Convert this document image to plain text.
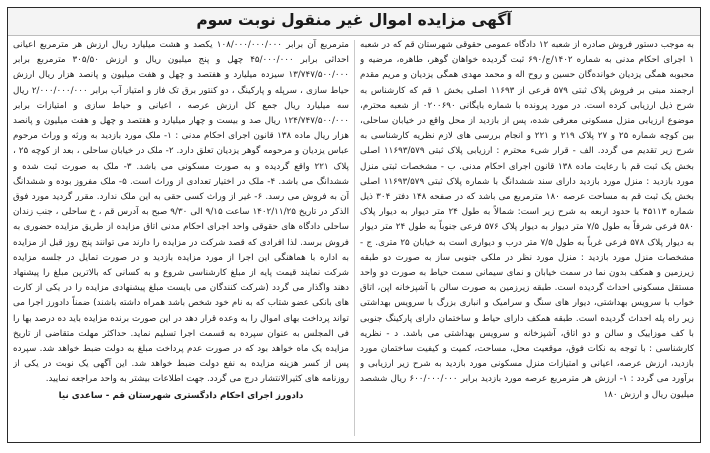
آگهی مزایده اموال غیر منقول نوبت سوم
به موجب دستور فروش صادره از شعبه ۱۲ دادگاه عمومی حقوقی شهرستان قم که در شعبه ۱ اجرای احکام مدنی به شماره ۱۴۰۲/ج/۶۹۰ ثبت گردیده خواهان گوهر، طاهره، مرضیه و محبوبه همگی یزدیان خوانده‌گان حسین و روح اله و محمد مهدی همگی یزدیان و مریم مقدم ارجمند مبنی بر فروش پلاک ثبتی ۵۷۹ فرعی از ۱۱۶۹۳ اصلی بخش ۱ قم که کارشناس به شرح ذیل ارزیابی کرده است. در مورد پرونده با شماره بایگانی ۰۲۰۰۶۹۰ از شعبه محترم، موضوع ارزیابی منزل مسکونی معرفی شده، پس از بازدید از محل واقع در خیابان ساحلی، بین کوچه شماره ۲۵ و ۲۷ پلاک ۲۱۹ و ۲۲۱ و انجام بررسی های لازم نظریه کارشناسی به شرح زیر تقدیم می گردد. الف - قرار شیء محترم : ارزیابی پلاک ثبتی ۱۱۶۹۳/۵۷۹ اصلی بخش یک ثبت قم با رعایت ماده ۱۳۸ قانون اجرای احکام مدنی. ب - مشخصات ثبتی منزل مورد بازدید : منزل مورد بازدید دارای سند ششدانگ با شماره پلاک ثبتی ۱۱۶۹۳/۵۷۹ اصلی بخش یک ثبت قم به مساحت عرصه ۱۸۰ مترمربع می باشد که در صفحه ۱۴۸ دفتر ۳۰۴ ذیل شماره ۴۵۱۱۳ با حدود اربعه به شرح زیر است: شمالاً به طول ۲۴ متر دیوار به دیوار پلاک ۵۸۰ فرعی شرقاً به طول ۷/۵ متر دیوار به دیوار پلاک ۵۷۶ فرعی جنوباً به طول ۲۴ متر دیوار به دیوار پلاک ۵۷۸ فرعی غرباً به طول ۷/۵ متر درب و دیواری است به خیابان ۲۵ متری. ج - مشخصات منزل مورد بازدید : منزل مورد نظر در ملکی جنوبی ساز به صورت دو طبقه زیرزمین و همکف بدون نما در سمت خیابان و نمای سیمانی سمت حیاط به صورت دو واحد مستقل مسکونی احداث گردیده است. طبقه زیرزمین به صورت سالن با آشپزخانه اپن، اتاق خواب با سرویس بهداشتی، دیوار های سنگ و سرامیک و انباری بزرگ با سرویس بهداشتی زیر راه پله احداث گردیده است. طبقه همکف دارای حیاط و ساختمان دارای پارکینگ جنوبی با کف موزاییک و سالن و دو اتاق، آشپزخانه و سرویس بهداشتی می باشد. د - نظریه کارشناسی : با توجه به نکات فوق، موقعیت محل، مساحت، کمیت و کیفیت ساختمان مورد بازدید، ارزش عرصه، اعیانی و امتیازات منزل مسکونی مورد بازدید به شرح زیر ارزیابی و برآورد می گردد : ۱- ارزش هر مترمربع عرصه مورد بازدید برابر ۶۰۰/۰۰۰/۰۰۰ ریال ششصد میلیون ریال و ارزش ۱۸۰
مترمربع آن برابر ۱۰۸/۰۰۰/۰۰۰/۰۰۰ یکصد و هشت میلیارد ریال ارزش هر مترمربع اعیانی احداثی برابر ۴۵/۰۰۰/۰۰۰ چهل و پنج میلیون ریال و ارزش ۳۰۵/۵۰ مترمربع برابر ۱۳/۷۴۷/۵۰۰/۰۰۰ سیزده میلیارد و هفتصد و چهل و هفت میلیون و پانصد هزار ریال ارزش حیاط سازی ، سرپله و پارکینگ ، دو کنتور برق تک فاز و امتیاز آب برابر ۲/۰۰۰/۰۰۰/۰۰۰ ریال سه میلیارد ریال جمع کل ارزش عرصه ، اعیانی و حیاط سازی و امتیازات برابر ۱۲۴/۷۴۷/۵۰۰/۰۰۰ ریال صد و بیست و چهار میلیارد و هفتصد و چهل و هفت میلیون و پانصد هزار ریال ماده ۱۳۸ قانون اجرای احکام مدنی : ۱- ملک مورد بازدید به ورثه و وراث مرحوم عباس یزدیان و مرحومه گوهر یزدیان تعلق دارد. ۲- ملک در خیابان ساحلی ، بعد از کوچه ۲۵ ، پلاک ۲۲۱ واقع گردیده و به صورت مسکونی می باشد. ۳- ملک به صورت ثبت شده و ششدانگ می باشد. ۴- ملک در اختیار تعدادی از وراث است. ۵- ملک مفروز بوده و ششدانگ آن به فروش می رسد. ۶- غیر از وراث کسی حقی به این ملک ندارد. مقرر گردید مورد فوق الذکر در تاریخ ۱۴۰۲/۱۱/۲۵ ساعت ۹/۱۵ الی ۹/۳۰ صبح به آدرس قم ، خ ساحلی ، جنب زندان ساحلی دادگاه های حقوقی واحد اجرای احکام مدنی اتاق مزایده از طریق مزایده حضوری به فروش برسد. لذا افرادی که قصد شرکت در مزایده را دارند می توانند پنج روز قبل از مزایده به اداره با هماهنگی این اجرا از مورد مزایده بازدید و در صورت تمایل در جلسه مزایده شرکت نمایند قیمت پایه از مبلغ کارشناسی شروع و به کسانی که بالاترین مبلغ را پیشنهاد دهند واگذار می گردد (شرکت کنندگان می بایست مبلغ پیشنهادی مزایده را در یکی از کارت های بانکی عضو شتاب که به نام خود شخص باشد همراه داشته باشند) ضمناً دادورز اجرا می تواند پرداخت بهای اموال را به وعده قرار دهد در این صورت برنده مزایده باید ده درصد بها را فی المجلس به عنوان سپرده به قسمت اجرا تسلیم نماید. حداکثر مهلت متقاضی از تاریخ مزایده یک ماه خواهد بود که در صورت عدم پرداخت مبلغ به دولت ضبط خواهد شد. سپرده پس از کسر هزینه مزایده به نفع دولت ضبط خواهد شد. این آگهی یک نوبت در یکی از روزنامه های کثیرالانتشار درج می گردد. جهت اطلاعات بیشتر به واحد مراجعه نمایید.
دادورز اجرای احکام دادگستری شهرستان قم - ساعدی نیا
